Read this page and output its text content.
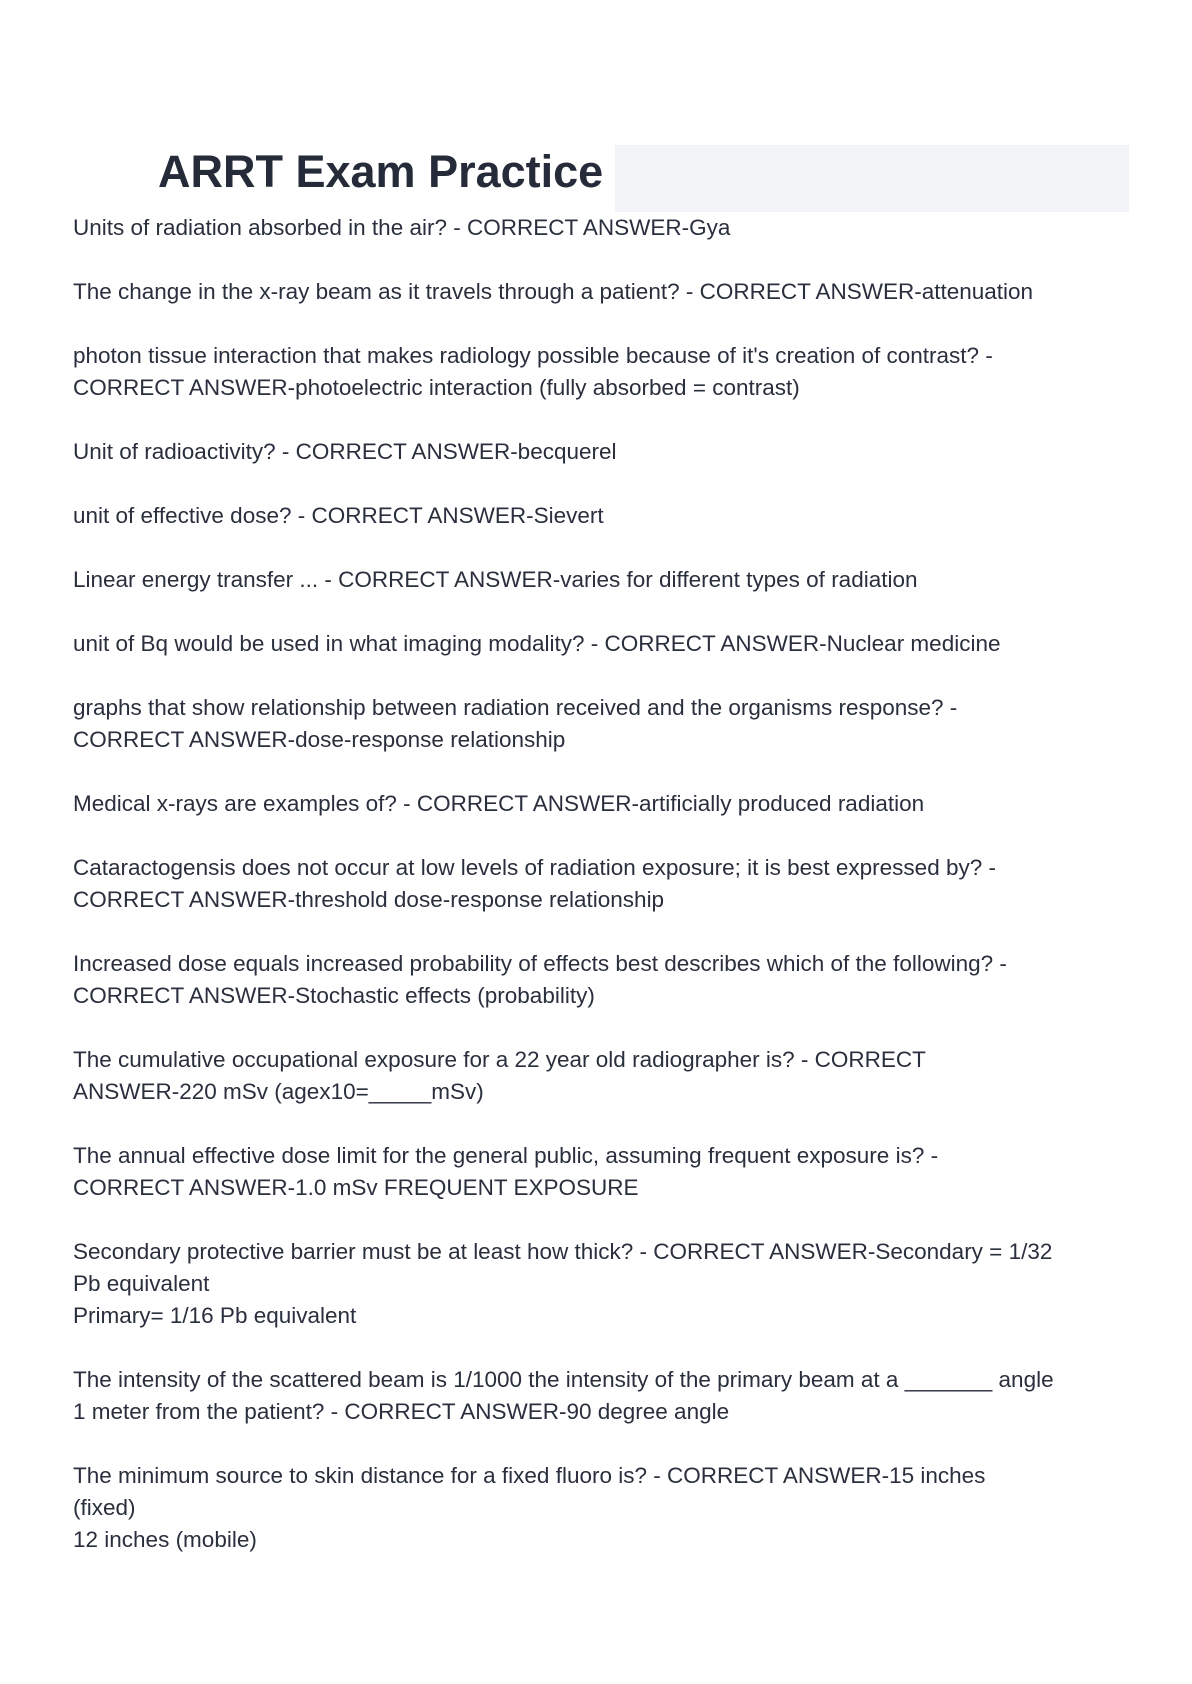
ARRT Exam Practice
Units of radiation absorbed in the air? - CORRECT ANSWER-Gya
The change in the x-ray beam as it travels through a patient? - CORRECT ANSWER-attenuation
photon tissue interaction that makes radiology possible because of it's creation of contrast? -
CORRECT ANSWER-photoelectric interaction (fully absorbed = contrast)
Unit of radioactivity? - CORRECT ANSWER-becquerel
unit of effective dose? - CORRECT ANSWER-Sievert
Linear energy transfer ... - CORRECT ANSWER-varies for different types of radiation
unit of Bq would be used in what imaging modality? - CORRECT ANSWER-Nuclear medicine
graphs that show relationship between radiation received and the organisms response? -
CORRECT ANSWER-dose-response relationship
Medical x-rays are examples of? - CORRECT ANSWER-artificially produced radiation
Cataractogensis does not occur at low levels of radiation exposure; it is best expressed by? -
CORRECT ANSWER-threshold dose-response relationship
Increased dose equals increased probability of effects best describes which of the following? -
CORRECT ANSWER-Stochastic effects (probability)
The cumulative occupational exposure for a 22 year old radiographer is? - CORRECT
ANSWER-220 mSv (agex10=_____mSv)
The annual effective dose limit for the general public, assuming frequent exposure is? -
CORRECT ANSWER-1.0 mSv FREQUENT EXPOSURE
Secondary protective barrier must be at least how thick? - CORRECT ANSWER-Secondary = 1/32
Pb equivalent
Primary= 1/16 Pb equivalent
The intensity of the scattered beam is 1/1000 the intensity of the primary beam at a _______ angle
1 meter from the patient? - CORRECT ANSWER-90 degree angle
The minimum source to skin distance for a fixed fluoro is? - CORRECT ANSWER-15 inches
(fixed)
12 inches (mobile)
